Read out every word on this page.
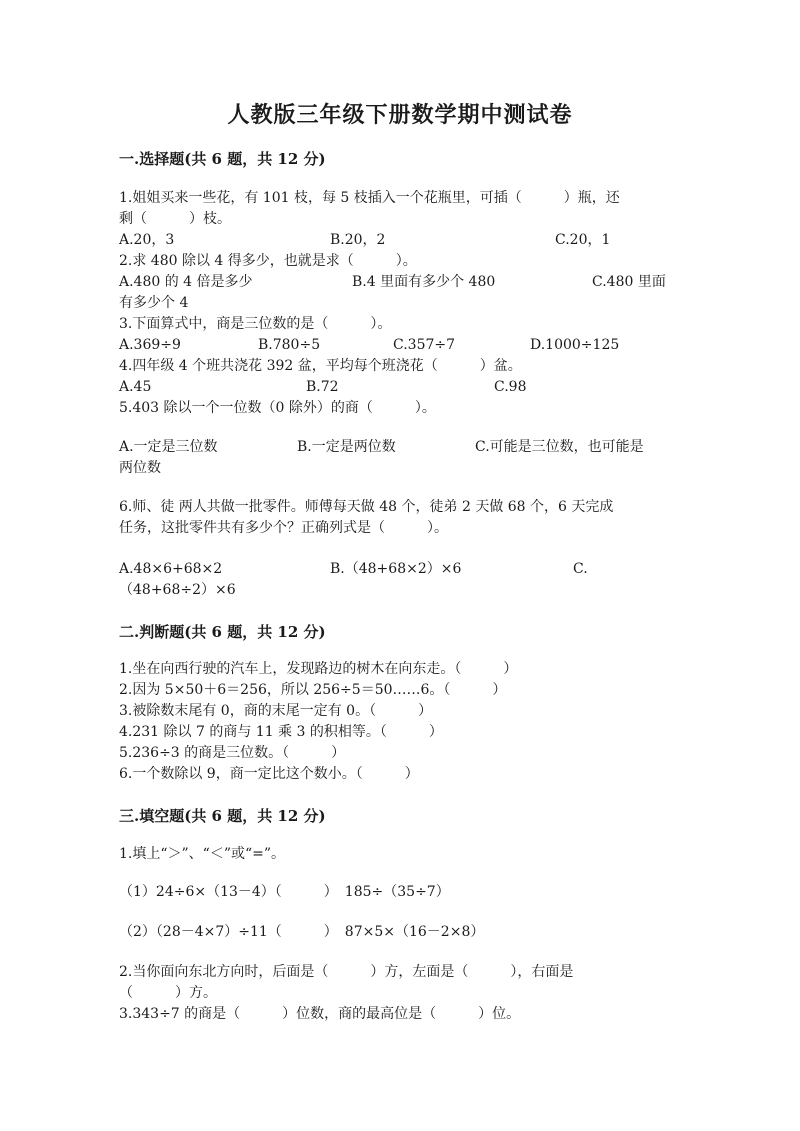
人教版三年级下册数学期中测试卷
一.选择题(共 6 题，共 12 分)
1.姐姐买来一些花，有 101 枝，每 5 枝插入一个花瓶里，可插（　　　）瓶，还
剩（　　　）枝。
A.20，3	B.20，2	C.20，1
2.求 480 除以 4 得多少，也就是求（　　　）。
A.480 的 4 倍是多少	B.4 里面有多少个 480	C.480 里面
有多少个 4
3.下面算式中，商是三位数的是（　　　）。
A.369÷9	B.780÷5	C.357÷7	D.1000÷125
4.四年级 4 个班共浇花 392 盆，平均每个班浇花（　　　）盆。
A.45	B.72	C.98
5.403 除以一个一位数（0 除外）的商（　　　）。
A.一定是三位数	B.一定是两位数	C.可能是三位数，也可能是
两位数
6.师、徒 两人共做一批零件。师傅每天做 48 个，徒弟 2 天做 68 个，6 天完成
任务，这批零件共有多少个？正确列式是（　　　）。
A.48×6+68×2	B.（48+68×2）×6	C.
（48+68÷2）×6
二.判断题(共 6 题，共 12 分)
1.坐在向西行驶的汽车上，发现路边的树木在向东走。（　　　）
2.因为 5×50＋6＝256，所以 256÷5＝50……6。（　　　）
3.被除数末尾有 0，商的末尾一定有 0。（　　　）
4.231 除以 7 的商与 11 乘 3 的积相等。（　　　）
5.236÷3 的商是三位数。（　　　）
6.一个数除以 9，商一定比这个数小。（　　　）
三.填空题(共 6 题，共 12 分)
1.填上“＞”、“＜”或“=”。
（1）24÷6×（13－4）（　　　）　185÷（35÷7）
（2）（28－4×7）÷11（　　　）　87×5×（16－2×8）
2.当你面向东北方向时，后面是（　　　）方，左面是（　　　），右面是
（　　　）方。
3.343÷7 的商是（　　　）位数，商的最高位是（　　　）位。
